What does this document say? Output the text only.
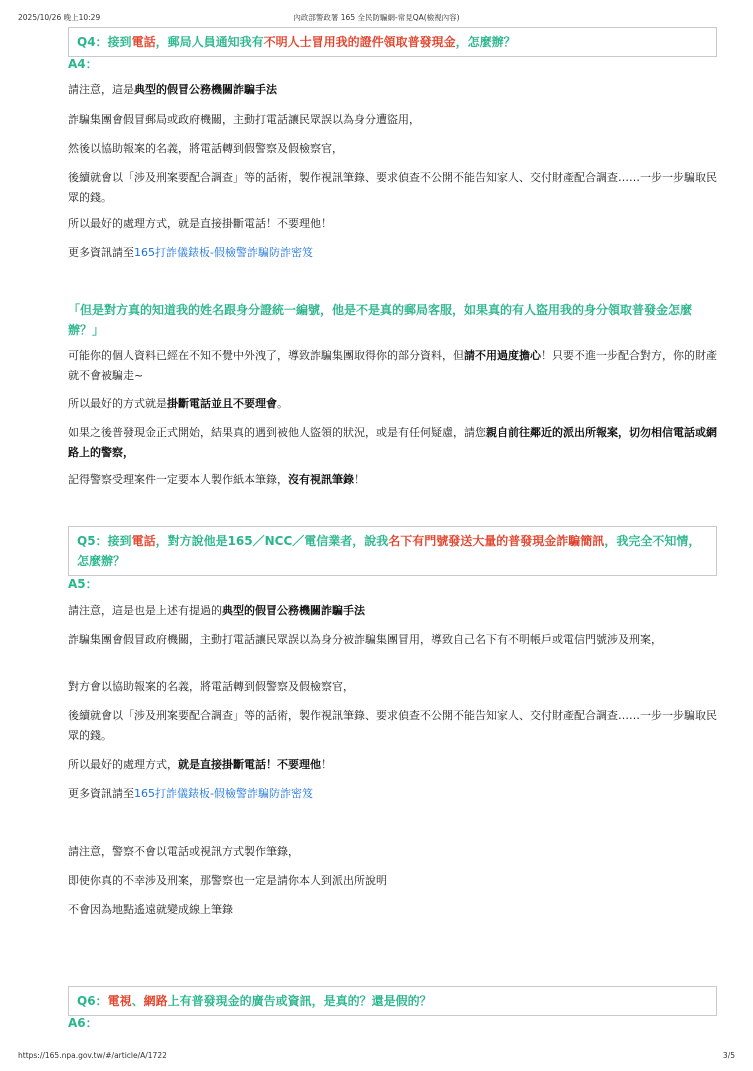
2025/10/26 晚上10:29	內政部警政署 165 全民防騙網-常見QA(檢視內容)
Q4：接到電話，郵局人員通知我有不明人士冒用我的證件領取普發現金，怎麼辦？
A4：
請注意，這是典型的假冒公務機關詐騙手法
詐騙集團會假冒郵局或政府機關，主動打電話讓民眾誤以為身分遭盜用，
然後以協助報案的名義，將電話轉到假警察及假檢察官，
後續就會以「涉及刑案要配合調查」等的話術，製作視訊筆錄、要求偵查不公開不能告知家人、交付財產配合調查……一步一步騙取民眾的錢。
所以最好的處理方式，就是直接掛斷電話！不要理他！
更多資訊請至165打詐儀錶板-假檢警詐騙防詐密笈
「但是對方真的知道我的姓名跟身分證統一編號，他是不是真的郵局客服，如果真的有人盜用我的身分領取普發金怎麼辦？」
可能你的個人資料已經在不知不覺中外洩了，導致詐騙集團取得你的部分資料，但請不用過度擔心！只要不進一步配合對方，你的財產就不會被騙走~
所以最好的方式就是掛斷電話並且不要理會。
如果之後普發現金正式開始，結果真的遇到被他人盜領的狀況，或是有任何疑慮，請您親自前往鄰近的派出所報案，切勿相信電話或網路上的警察，
記得警察受理案件一定要本人製作紙本筆錄，沒有視訊筆錄！
Q5：接到電話，對方說他是165／NCC／電信業者，說我名下有門號發送大量的普發現金詐騙簡訊，我完全不知情，怎麼辦？
A5：
請注意，這是也是上述有提過的典型的假冒公務機關詐騙手法
詐騙集團會假冒政府機關，主動打電話讓民眾誤以為身分被詐騙集團冒用，導致自己名下有不明帳戶或電信門號涉及刑案，
對方會以協助報案的名義，將電話轉到假警察及假檢察官，
後續就會以「涉及刑案要配合調查」等的話術，製作視訊筆錄、要求偵查不公開不能告知家人、交付財產配合調查……一步一步騙取民眾的錢。
所以最好的處理方式，就是直接掛斷電話！不要理他！
更多資訊請至165打詐儀錶板-假檢警詐騙防詐密笈
請注意，警察不會以電話或視訊方式製作筆錄，
即使你真的不幸涉及刑案，那警察也一定是請你本人到派出所說明
不會因為地點遙遠就變成線上筆錄
Q6：電視、網路上有普發現金的廣告或資訊，是真的？還是假的？
A6：
https://165.npa.gov.tw/#/article/A/1722	3/5
